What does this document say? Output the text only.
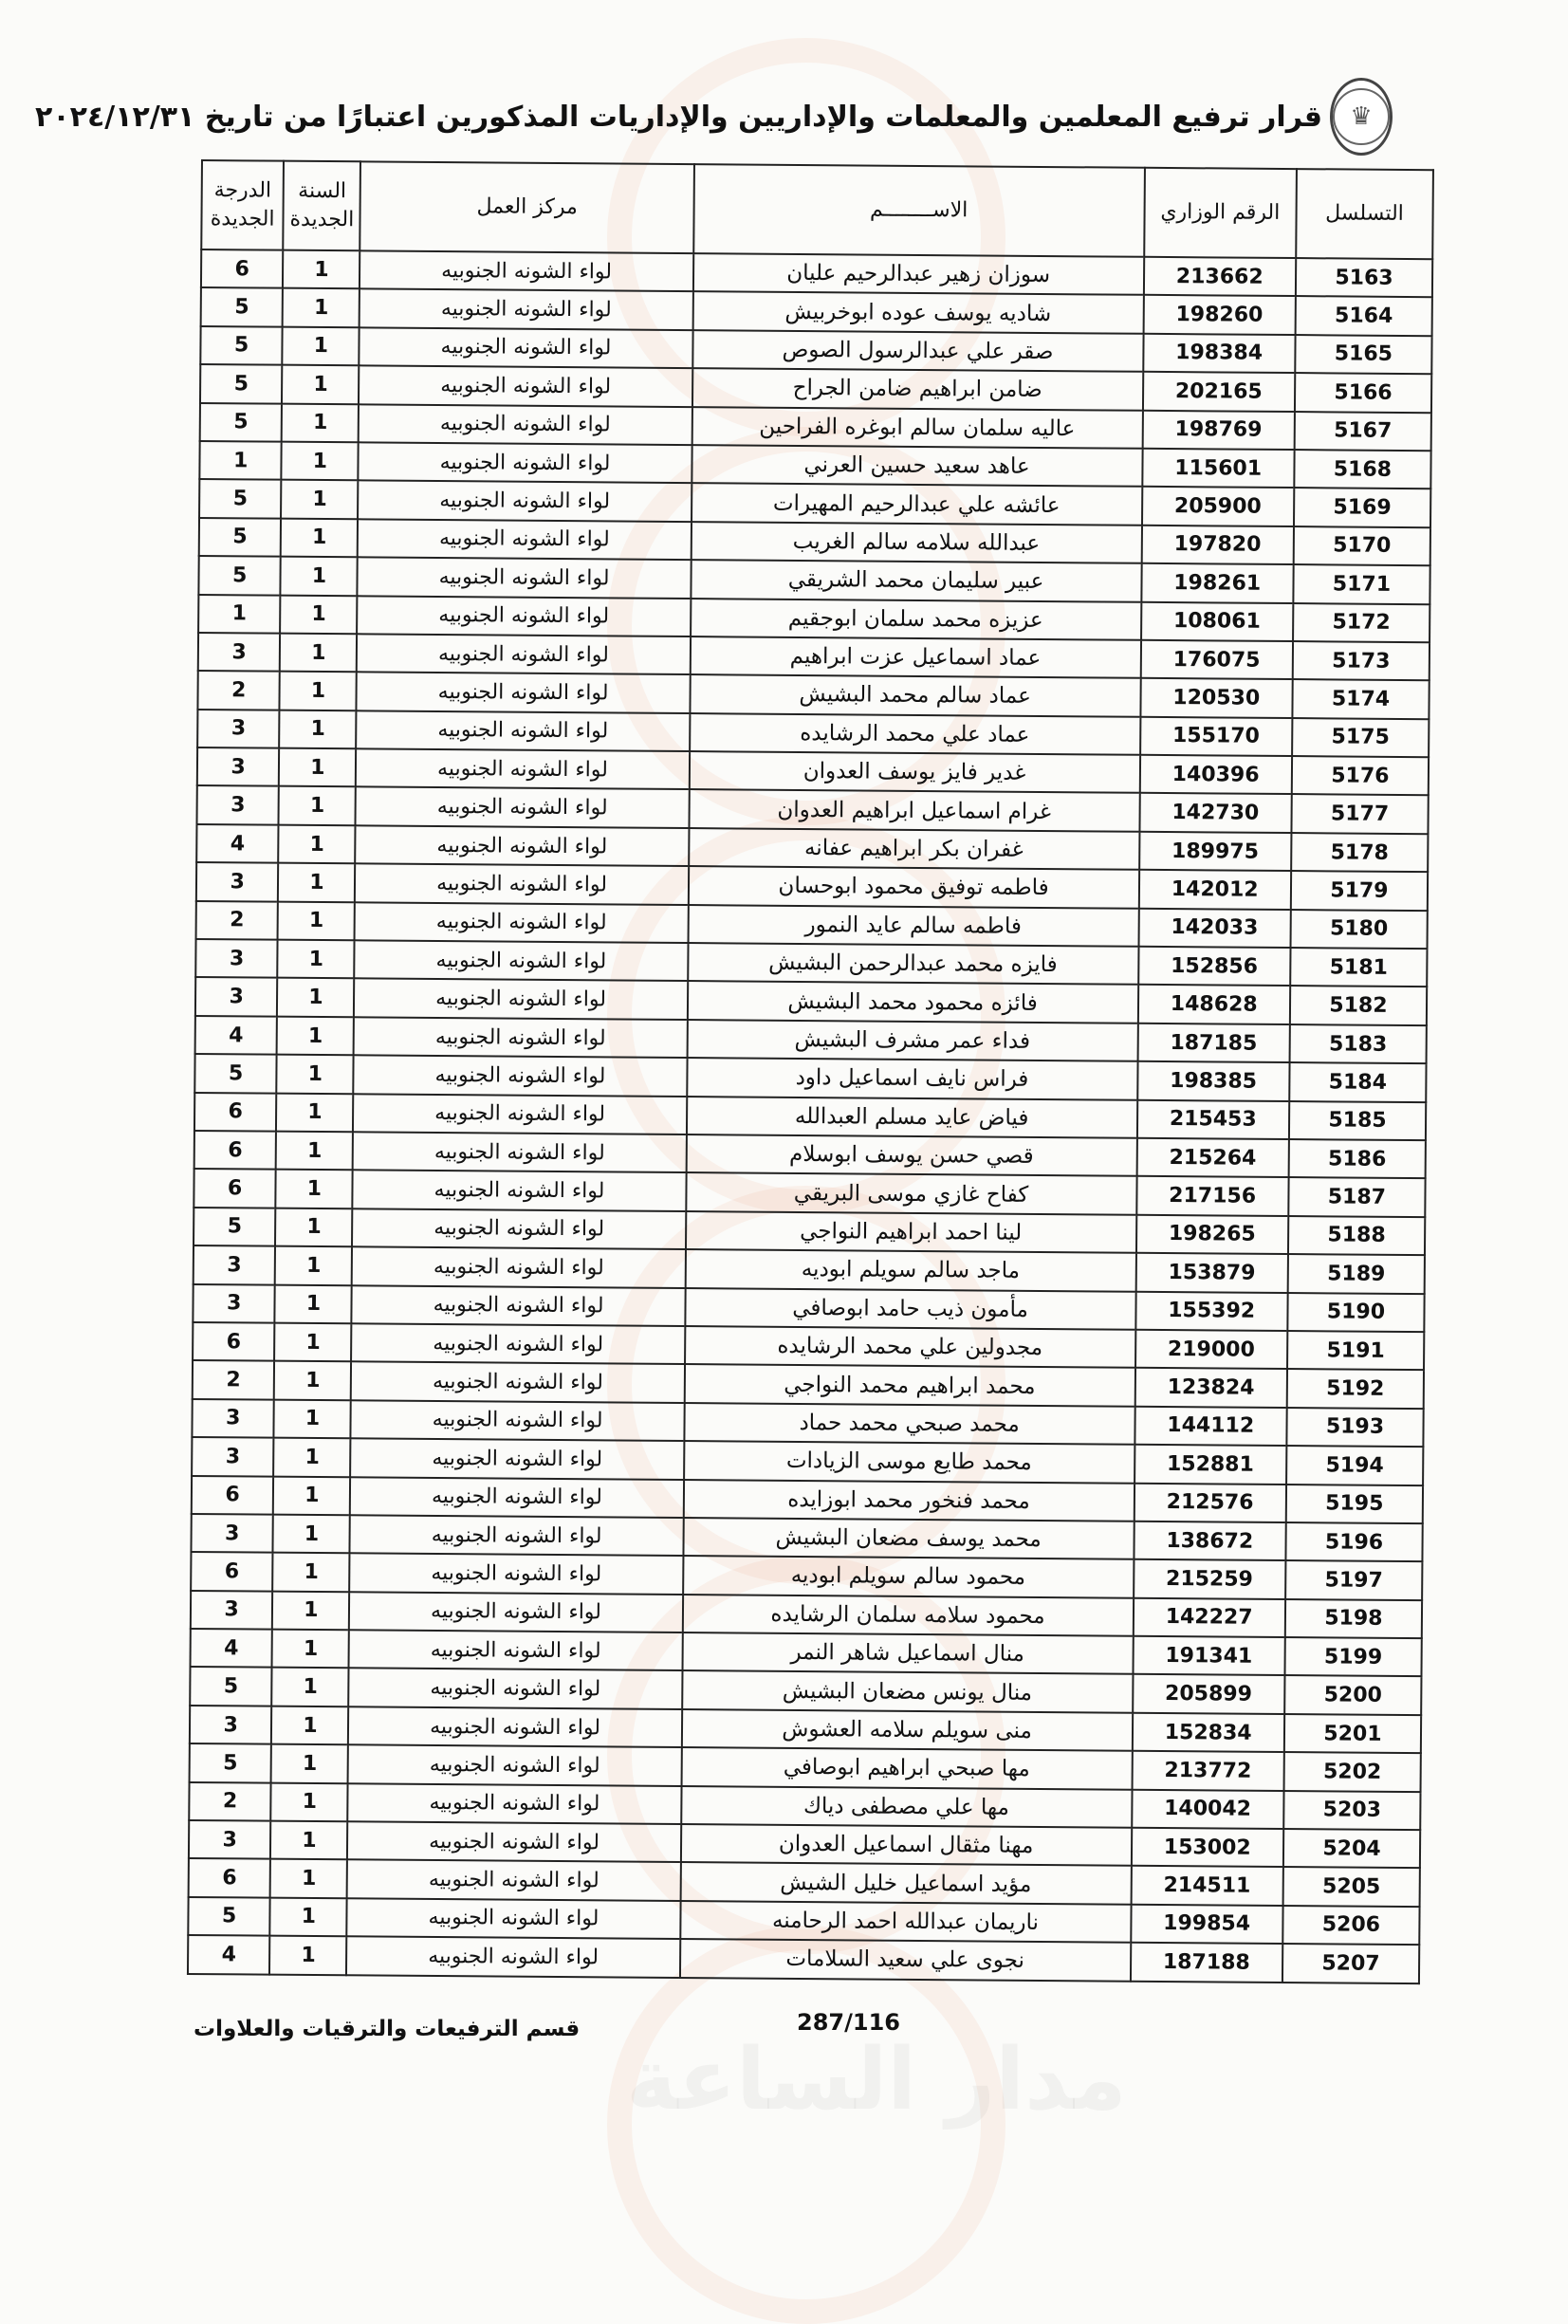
مدار الساعة
♛
قرار ترفيع المعلمين والمعلمات والإداريين والإداريات المذكورين اعتبارًا من تاريخ ٢٠٢٤/١٢/٣١
التسلسل	الرقم الوزاري	الاســــــــم	مركز العمل	السنة الجديدة	الدرجة الجديدة
5163	213662	سوزان زهير عبدالرحيم عليان	لواء الشونه الجنوبيه	1	6
5164	198260	شاديه يوسف عوده ابوخربيش	لواء الشونه الجنوبيه	1	5
5165	198384	صقر علي عبدالرسول الصوص	لواء الشونه الجنوبيه	1	5
5166	202165	ضامن ابراهيم ضامن الجراح	لواء الشونه الجنوبيه	1	5
5167	198769	عاليه سلمان سالم ابوغره الفراحين	لواء الشونه الجنوبيه	1	5
5168	115601	عاهد سعيد حسين العرني	لواء الشونه الجنوبيه	1	1
5169	205900	عائشه علي عبدالرحيم المهيرات	لواء الشونه الجنوبيه	1	5
5170	197820	عبدالله سلامه سالم الغريب	لواء الشونه الجنوبيه	1	5
5171	198261	عبير سليمان محمد الشريقي	لواء الشونه الجنوبيه	1	5
5172	108061	عزيزه محمد سلمان ابوجقيم	لواء الشونه الجنوبيه	1	1
5173	176075	عماد اسماعيل عزت ابراهيم	لواء الشونه الجنوبيه	1	3
5174	120530	عماد سالم محمد البشيش	لواء الشونه الجنوبيه	1	2
5175	155170	عماد علي محمد الرشايده	لواء الشونه الجنوبيه	1	3
5176	140396	غدير فايز يوسف العدوان	لواء الشونه الجنوبيه	1	3
5177	142730	غرام اسماعيل ابراهيم العدوان	لواء الشونه الجنوبيه	1	3
5178	189975	غفران بكر ابراهيم عفانه	لواء الشونه الجنوبيه	1	4
5179	142012	فاطمه توفيق محمود ابوحسان	لواء الشونه الجنوبيه	1	3
5180	142033	فاطمه سالم عايد النمور	لواء الشونه الجنوبيه	1	2
5181	152856	فايزه محمد عبدالرحمن البشيش	لواء الشونه الجنوبيه	1	3
5182	148628	فائزه محمود محمد البشيش	لواء الشونه الجنوبيه	1	3
5183	187185	فداء عمر مشرف البشيش	لواء الشونه الجنوبيه	1	4
5184	198385	فراس نايف اسماعيل داود	لواء الشونه الجنوبيه	1	5
5185	215453	فياض عايد مسلم العبدالله	لواء الشونه الجنوبيه	1	6
5186	215264	قصي حسن يوسف ابوسلام	لواء الشونه الجنوبيه	1	6
5187	217156	كفاح غازي موسى البريقي	لواء الشونه الجنوبيه	1	6
5188	198265	لينا احمد ابراهيم النواجي	لواء الشونه الجنوبيه	1	5
5189	153879	ماجد سالم سويلم ابوديه	لواء الشونه الجنوبيه	1	3
5190	155392	مأمون ذيب حامد ابوصافي	لواء الشونه الجنوبيه	1	3
5191	219000	مجدولين علي محمد الرشايده	لواء الشونه الجنوبيه	1	6
5192	123824	محمد ابراهيم محمد النواجي	لواء الشونه الجنوبيه	1	2
5193	144112	محمد صبحي محمد حماد	لواء الشونه الجنوبيه	1	3
5194	152881	محمد طايع موسى الزيادات	لواء الشونه الجنوبيه	1	3
5195	212576	محمد فنخور محمد ابوزايده	لواء الشونه الجنوبيه	1	6
5196	138672	محمد يوسف مضعان البشيش	لواء الشونه الجنوبيه	1	3
5197	215259	محمود سالم سويلم ابوديه	لواء الشونه الجنوبيه	1	6
5198	142227	محمود سلامه سلمان الرشايده	لواء الشونه الجنوبيه	1	3
5199	191341	منال اسماعيل شاهر النمر	لواء الشونه الجنوبيه	1	4
5200	205899	منال يونس مضعان البشيش	لواء الشونه الجنوبيه	1	5
5201	152834	منى سويلم سلامه العشوش	لواء الشونه الجنوبيه	1	3
5202	213772	مها صبحي ابراهيم ابوصافي	لواء الشونه الجنوبيه	1	5
5203	140042	مها علي مصطفى دياك	لواء الشونه الجنوبيه	1	2
5204	153002	مهنا مثقال اسماعيل العدوان	لواء الشونه الجنوبيه	1	3
5205	214511	مؤيد اسماعيل خليل الشيش	لواء الشونه الجنوبيه	1	6
5206	199854	ناريمان عبدالله احمد الرحامنه	لواء الشونه الجنوبيه	1	5
5207	187188	نجوى علي سعيد السلامات	لواء الشونه الجنوبيه	1	4
287/116
قسم الترفيعات والترقيات والعلاوات
